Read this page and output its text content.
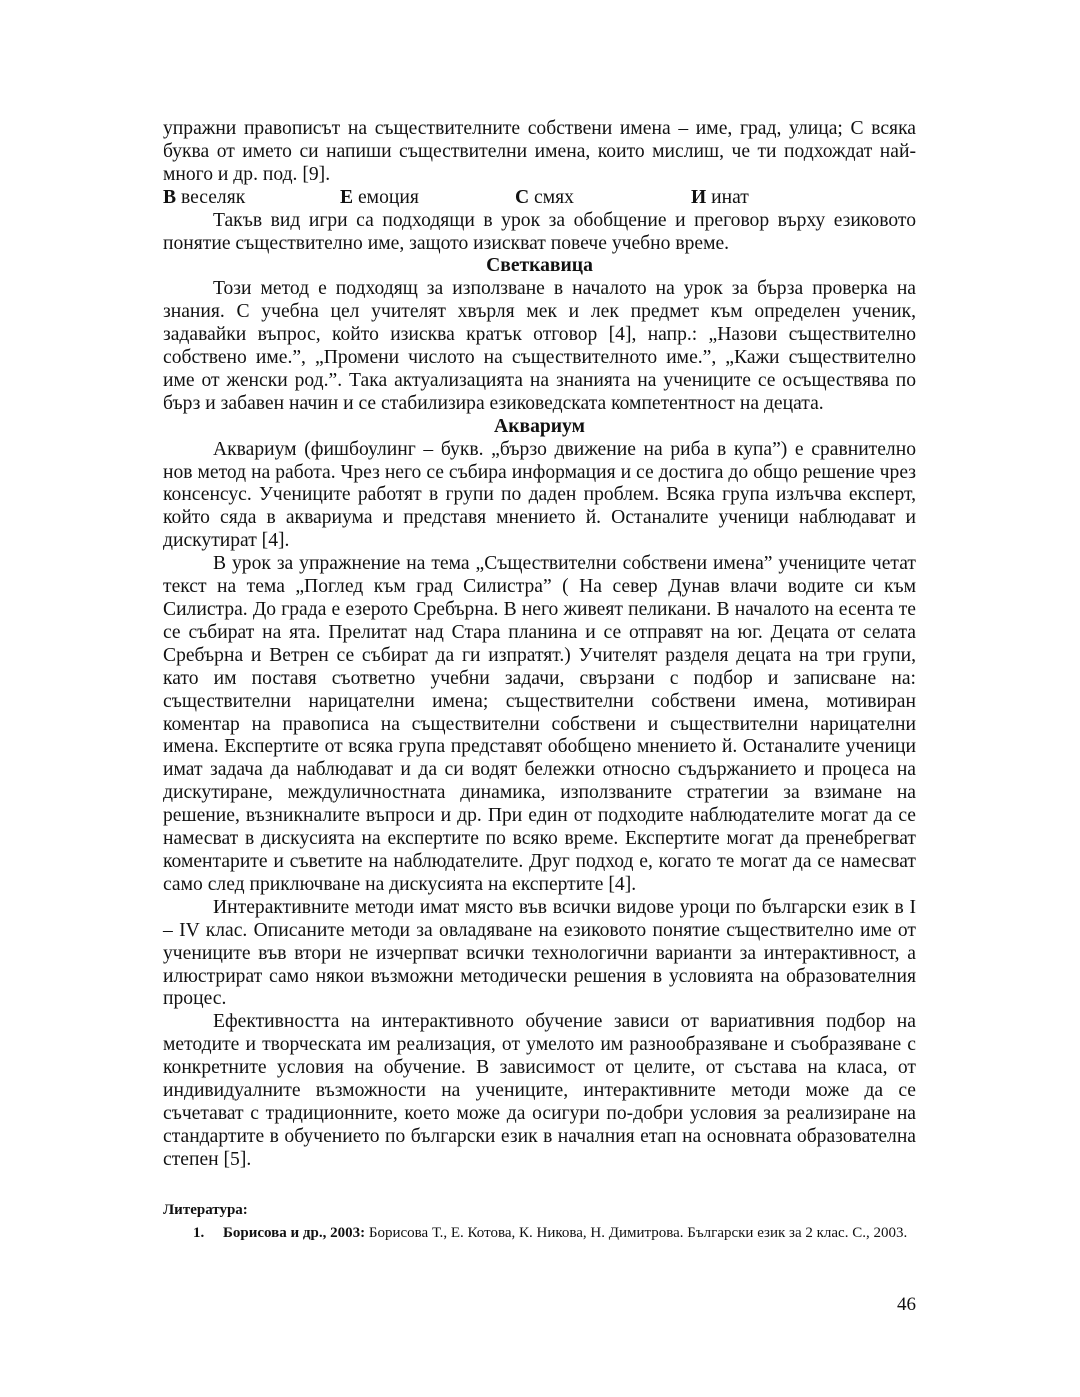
упражни правописът на съществителните собствени имена – име, град, улица; С всяка буква от името си напиши съществителни имена, които мислиш, че ти подхождат най-много и др. под. [9].

В веселяк	Е емоция	С смях	И инат

Такъв вид игри са подходящи в урок за обобщение и преговор върху езиковото понятие съществително име, защото изискват повече учебно време.

Светкавица

Този метод е подходящ за използване в началото на урок за бърза проверка на знания. С учебна цел учителят хвърля мек и лек предмет към определен ученик, задавайки въпрос, който изисква кратък отговор [4], напр.: „Назови съществително собствено име.”, „Промени числото на съществителното име.”, „Кажи съществително име от женски род.”. Така актуализацията на знанията на учениците се осъществява по бърз и забавен начин и се стабилизира езиковедската компетентност на децата.

Аквариум

Аквариум (фишбоулинг – букв. „бързо движение на риба в купа”) е сравнително нов метод на работа. Чрез него се събира информация и се достига до общо решение чрез консенсус. Учениците работят в групи по даден проблем. Всяка група излъчва експерт, който сяда в аквариума и представя мнението й. Останалите ученици наблюдават и дискутират [4].

В урок за упражнение на тема „Съществителни собствени имена” учениците четат текст на тема „Поглед към град Силистра” ( На север Дунав влачи водите си към Силистра. До града е езерото Сребърна. В него живеят пеликани. В началото на есента те се събират на ята. Прелитат над Стара планина и се отправят на юг. Децата от селата Сребърна и Ветрен се събират да ги изпратят.) Учителят разделя децата на три групи, като им поставя съответно учебни задачи, свързани с подбор и записване на: съществителни нарицателни имена; съществителни собствени имена, мотивиран коментар на правописа на съществителни собствени и съществителни нарицателни имена. Експертите от всяка група представят обобщено мнението й. Останалите ученици имат задача да наблюдават и да си водят бележки относно съдържанието и процеса на дискутиране, междуличностната динамика, използваните стратегии за взимане на решение, възникналите въпроси и др. При един от подходите наблюдателите могат да се намесват в дискусията на експертите по всяко време. Експертите могат да пренебрегват коментарите и съветите на наблюдателите. Друг подход е, когато те могат да се намесват само след приключване на дискусията на експертите [4].

Интерактивните методи имат място във всички видове уроци по български език в I – IV клас. Описаните методи за овладяване на езиковото понятие съществително име от учениците във втори не изчерпват всички технологични варианти за интерактивност, а илюстрират само някои възможни методически решения в условията на образователния процес.

Ефективността на интерактивното обучение зависи от вариативния подбор на методите и творческата им реализация, от умелото им разнообразяване и съобразяване с конкретните условия на обучение. В зависимост от целите, от състава на класа, от индивидуалните възможности на учениците, интерактивните методи може да се съчетават с традиционните, което може да осигури по-добри условия за реализиране на стандартите в обучението по български език в началния етап на основната образователна степен [5].

Литература:

1. Борисова и др., 2003: Борисова Т., Е. Котова, К. Никова, Н. Димитрова. Български език за 2 клас. С., 2003.
46
